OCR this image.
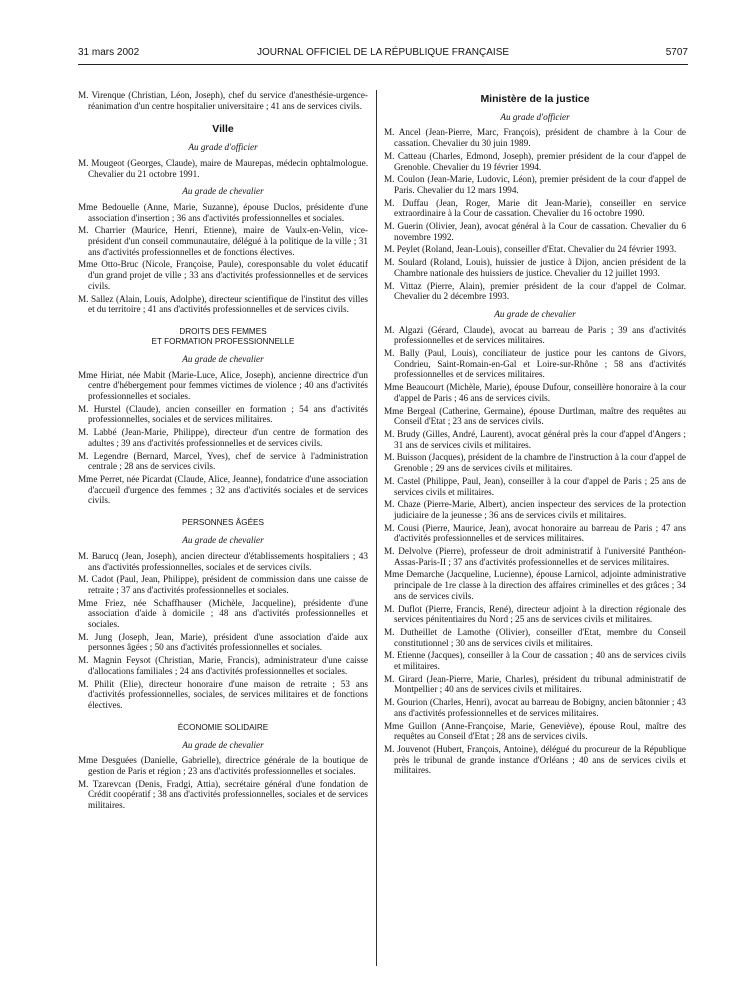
31 mars 2002	JOURNAL OFFICIEL DE LA RÉPUBLIQUE FRANÇAISE	5707

M. Virenque (Christian, Léon, Joseph), chef du service d'anesthésie-urgence-réanimation d'un centre hospitalier universitaire ; 41 ans de services civils.

Ville
Au grade d'officier

M. Mougeot (Georges, Claude), maire de Maurepas, médecin ophtalmologue. Chevalier du 21 octobre 1991.

Au grade de chevalier

Mme Bedouelle (Anne, Marie, Suzanne), épouse Duclos, présidente d'une association d'insertion ; 36 ans d'activités professionnelles et sociales.

M. Charrier (Maurice, Henri, Etienne), maire de Vaulx-en-Velin, vice-président d'un conseil communautaire, délégué à la politique de la ville ; 31 ans d'activités professionnelles et de fonctions électives.

Mme Otto-Bruc (Nicole, Françoise, Paule), coresponsable du volet éducatif d'un grand projet de ville ; 33 ans d'activités professionnelles et de services civils.

M. Sallez (Alain, Louis, Adolphe), directeur scientifique de l'institut des villes et du territoire ; 41 ans d'activités professionnelles et de services civils.

DROITS DES FEMMES
ET FORMATION PROFESSIONNELLE
Au grade de chevalier

Mme Hiriat, née Mabit (Marie-Luce, Alice, Joseph), ancienne directrice d'un centre d'hébergement pour femmes victimes de violence ; 40 ans d'activités professionnelles et sociales.

M. Hurstel (Claude), ancien conseiller en formation ; 54 ans d'activités professionnelles, sociales et de services militaires.

M. Labbé (Jean-Marie, Philippe), directeur d'un centre de formation des adultes ; 39 ans d'activités professionnelles et de services civils.

M. Legendre (Bernard, Marcel, Yves), chef de service à l'administration centrale ; 28 ans de services civils.

Mme Perret, née Picardat (Claude, Alice, Jeanne), fondatrice d'une association d'accueil d'urgence des femmes ; 32 ans d'activités sociales et de services civils.

PERSONNES ÂGÉES
Au grade de chevalier

M. Barucq (Jean, Joseph), ancien directeur d'établissements hospitaliers ; 43 ans d'activités professionnelles, sociales et de services civils.

M. Cadot (Paul, Jean, Philippe), président de commission dans une caisse de retraite ; 37 ans d'activités professionnelles et sociales.

Mme Friez, née Schaffhauser (Michèle, Jacqueline), présidente d'une association d'aide à domicile ; 48 ans d'activités professionnelles et sociales.

M. Jung (Joseph, Jean, Marie), président d'une association d'aide aux personnes âgées ; 50 ans d'activités professionnelles et sociales.

M. Magnin Feysot (Christian, Marie, Francis), administrateur d'une caisse d'allocations familiales ; 24 ans d'activités professionnelles et sociales.

M. Philit (Elie), directeur honoraire d'une maison de retraite ; 53 ans d'activités professionnelles, sociales, de services militaires et de fonctions électives.

ÉCONOMIE SOLIDAIRE
Au grade de chevalier

Mme Desguées (Danielle, Gabrielle), directrice générale de la boutique de gestion de Paris et région ; 23 ans d'activités professionnelles et sociales.

M. Tzarevcan (Denis, Fradgi, Attia), secrétaire général d'une fondation de Crédit coopératif ; 38 ans d'activités professionnelles, sociales et de services militaires.

Ministère de la justice
Au grade d'officier

M. Ancel (Jean-Pierre, Marc, François), président de chambre à la Cour de cassation. Chevalier du 30 juin 1989.

M. Catteau (Charles, Edmond, Joseph), premier président de la cour d'appel de Grenoble. Chevalier du 19 février 1994.

M. Coulon (Jean-Marie, Ludovic, Léon), premier président de la cour d'appel de Paris. Chevalier du 12 mars 1994.

M. Duffau (Jean, Roger, Marie dit Jean-Marie), conseiller en service extraordinaire à la Cour de cassation. Chevalier du 16 octobre 1990.

M. Guerin (Olivier, Jean), avocat général à la Cour de cassation. Chevalier du 6 novembre 1992.

M. Peylet (Roland, Jean-Louis), conseiller d'Etat. Chevalier du 24 février 1993.

M. Soulard (Roland, Louis), huissier de justice à Dijon, ancien président de la Chambre nationale des huissiers de justice. Chevalier du 12 juillet 1993.

M. Vittaz (Pierre, Alain), premier président de la cour d'appel de Colmar. Chevalier du 2 décembre 1993.

Au grade de chevalier

M. Algazi (Gérard, Claude), avocat au barreau de Paris ; 39 ans d'activités professionnelles et de services militaires.

M. Bally (Paul, Louis), conciliateur de justice pour les cantons de Givors, Condrieu, Saint-Romain-en-Gal et Loire-sur-Rhône ; 58 ans d'activités professionnelles et de services militaires.

Mme Beaucourt (Michèle, Marie), épouse Dufour, conseillère honoraire à la cour d'appel de Paris ; 46 ans de services civils.

Mme Bergeal (Catherine, Germaine), épouse Durtlman, maître des requêtes au Conseil d'Etat ; 23 ans de services civils.

M. Brudy (Gilles, André, Laurent), avocat général près la cour d'appel d'Angers ; 31 ans de services civils et militaires.

M. Buisson (Jacques), président de la chambre de l'instruction à la cour d'appel de Grenoble ; 29 ans de services civils et militaires.

M. Castel (Philippe, Paul, Jean), conseiller à la cour d'appel de Paris ; 25 ans de services civils et militaires.

M. Chaze (Pierre-Marie, Albert), ancien inspecteur des services de la protection judiciaire de la jeunesse ; 36 ans de services civils et militaires.

M. Cousi (Pierre, Maurice, Jean), avocat honoraire au barreau de Paris ; 47 ans d'activités professionnelles et de services militaires.

M. Delvolve (Pierre), professeur de droit administratif à l'université Panthéon-Assas-Paris-II ; 37 ans d'activités professionnelles et de services militaires.

Mme Demarche (Jacqueline, Lucienne), épouse Larnicol, adjointe administrative principale de 1re classe à la direction des affaires criminelles et des grâces ; 34 ans de services civils.

M. Duflot (Pierre, Francis, René), directeur adjoint à la direction régionale des services pénitentiaires du Nord ; 25 ans de services civils et militaires.

M. Dutheillet de Lamothe (Olivier), conseiller d'Etat, membre du Conseil constitutionnel ; 30 ans de services civils et militaires.

M. Etienne (Jacques), conseiller à la Cour de cassation ; 40 ans de services civils et militaires.

M. Girard (Jean-Pierre, Marie, Charles), président du tribunal administratif de Montpellier ; 40 ans de services civils et militaires.

M. Gourion (Charles, Henri), avocat au barreau de Bobigny, ancien bâtonnier ; 43 ans d'activités professionnelles et de services militaires.

Mme Guillon (Anne-Françoise, Marie, Geneviève), épouse Roul, maître des requêtes au Conseil d'Etat ; 28 ans de services civils.

M. Jouvenot (Hubert, François, Antoine), délégué du procureur de la République près le tribunal de grande instance d'Orléans ; 40 ans de services civils et militaires.
